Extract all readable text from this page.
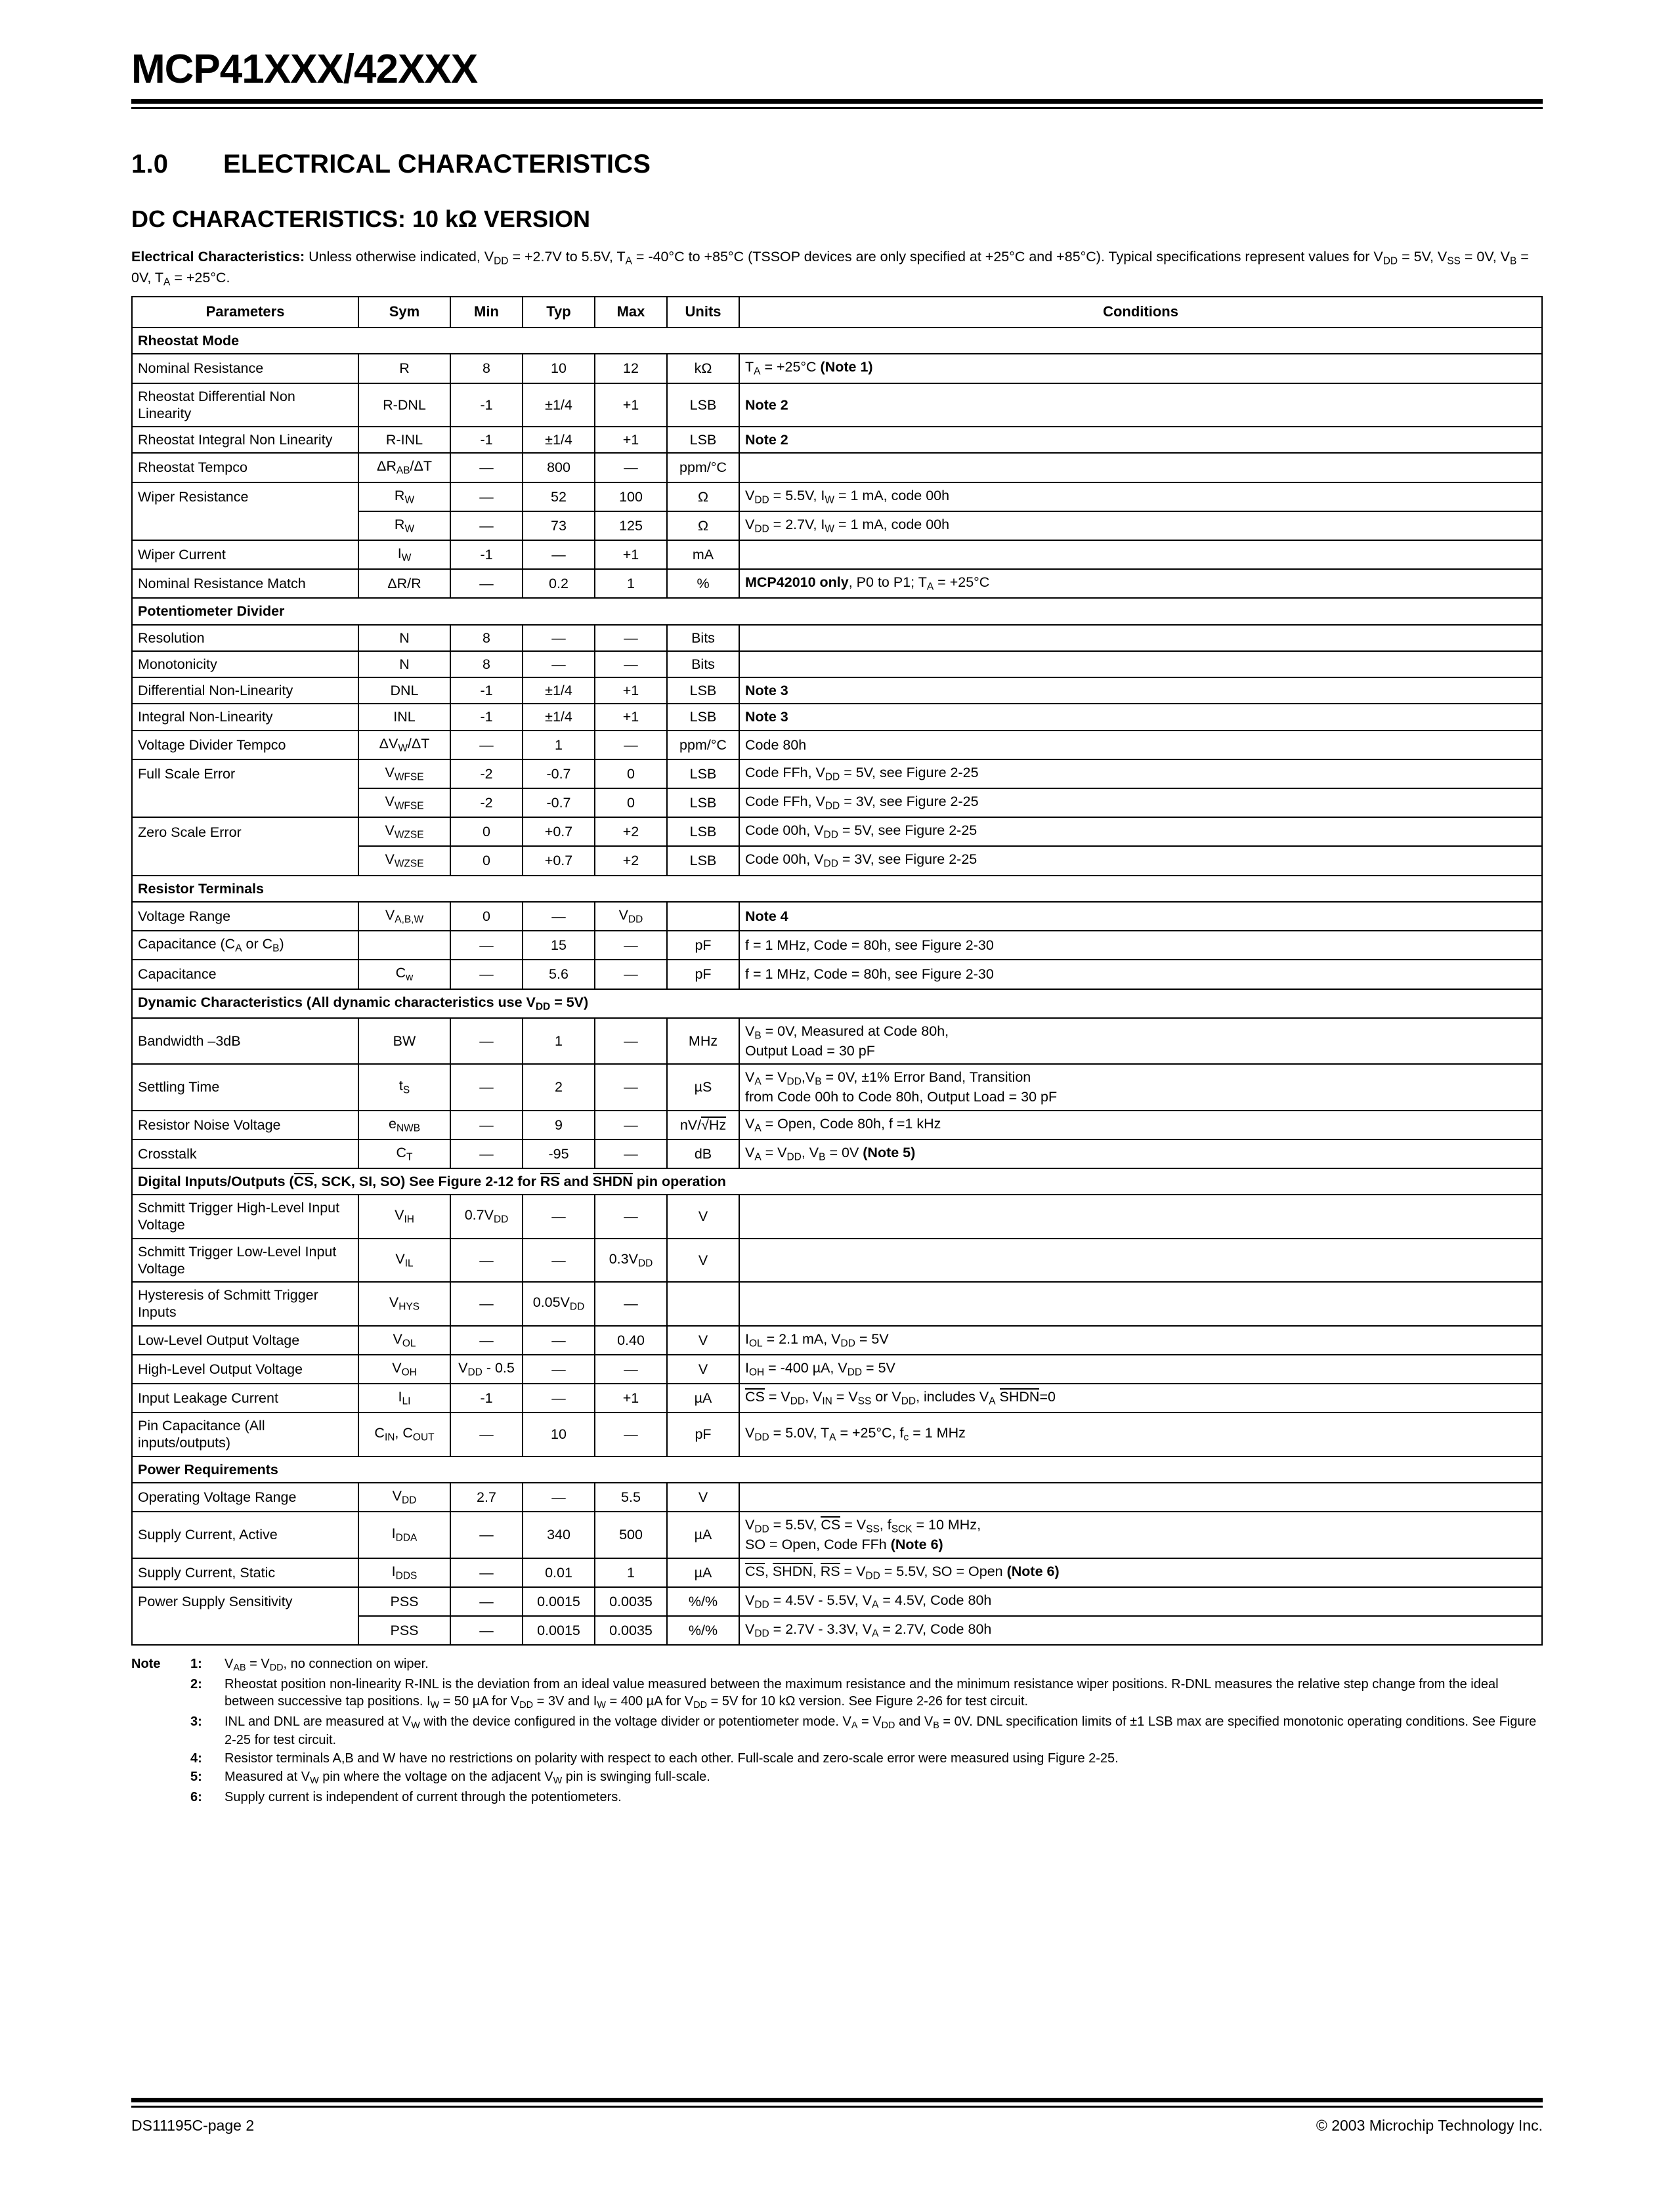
MCP41XXX/42XXX
1.0 ELECTRICAL CHARACTERISTICS
DC CHARACTERISTICS: 10 kΩ VERSION
Electrical Characteristics: Unless otherwise indicated, $V_{DD} = +2.7V$ to 5.5V, $T_A = -40^\circ C$ to +85°C (TSSOP devices are only specified at +25°C and +85°C). Typical specifications represent values for $V_{DD} = 5V$, $V_{SS} = 0V$, $V_B = 0V$, $T_A = +25^\circ C$.
Parameters	Sym	Min	Typ	Max	Units	Conditions
Rheostat Mode						
Nominal Resistance	R	8	10	12	kΩ	$T_A = +25^\circ C$ (Note 1)
Rheostat Differential Non Linearity	R-DNL	-1	±1/4	+1	LSB	Note 2
Rheostat Integral Non Linearity	R-INL	-1	±1/4	+1	LSB	Note 2
Rheostat Tempco	$\Delta R_{AB}/\Delta T$	—	800	—	ppm/°C	
Wiper Resistance	$R_W$	—	52	100	Ω	$V_{DD} = 5.5V$, $I_W = 1$ mA, code 00h
	$R_W$	—	73	125	Ω	$V_{DD} = 2.7V$, $I_W = 1$ mA, code 00h
Wiper Current	$I_W$	-1	—	+1	mA	
Nominal Resistance Match	ΔR/R	—	0.2	1	%	MCP42010 only, P0 to P1; $T_A = +25^\circ C$
Potentiometer Divider						
Resolution	N	8	—	—	Bits	
Monotonicity	N	8	—	—	Bits	
Differential Non-Linearity	DNL	-1	±1/4	+1	LSB	Note 3
Integral Non-Linearity	INL	-1	±1/4	+1	LSB	Note 3
Voltage Divider Tempco	$\Delta V_W/\Delta T$	—	1	—	ppm/°C	Code 80h
Full Scale Error	$V_{WFSE}$	-2	-0.7	0	LSB	Code FFh, $V_{DD} = 5V$, see Figure 2-25
	$V_{WFSE}$	-2	-0.7	0	LSB	Code FFh, $V_{DD} = 3V$, see Figure 2-25
Zero Scale Error	$V_{WZSE}$	0	+0.7	+2	LSB	Code 00h, $V_{DD} = 5V$, see Figure 2-25
	$V_{WZSE}$	0	+0.7	+2	LSB	Code 00h, $V_{DD} = 3V$, see Figure 2-25
Resistor Terminals						
Voltage Range	$V_{A,B,W}$	0	—	$V_{DD}$		Note 4
Capacitance ($C_A$ or $C_B$)		—	15	—	pF	f = 1 MHz, Code = 80h, see Figure 2-30
Capacitance	$C_w$	—	5.6	—	pF	f = 1 MHz, Code = 80h, see Figure 2-30
Dynamic Characteristics (All dynamic characteristics use $V_{DD} = 5V$)						
Bandwidth –3dB	BW	—	1	—	MHz	$V_B = 0V$, Measured at Code 80h,
Output Load = 30 pF
Settling Time	$t_S$	—	2	—	µS	$V_A = V_{DD},V_B = 0V$, ±1% Error Band, Transition
from Code 00h to Code 80h, Output Load = 30 pF
Resistor Noise Voltage	$e_{NWB}$	—	9	—	nV/√Hz	$V_A$ = Open, Code 80h, f =1 kHz
Crosstalk	$C_T$	—	-95	—	dB	$V_A = V_{DD}$, $V_B = 0V$ (Note 5)
Digital Inputs/Outputs (CS, SCK, SI, SO) See Figure 2-12 for RS and SHDN pin operation						
Schmitt Trigger High-Level Input Voltage	$V_{IH}$	$0.7V_{DD}$	—	—	V	
Schmitt Trigger Low-Level Input Voltage	$V_{IL}$	—	—	$0.3V_{DD}$	V	
Hysteresis of Schmitt Trigger Inputs	$V_{HYS}$	—	$0.05V_{DD}$	—		
Low-Level Output Voltage	$V_{OL}$	—	—	0.40	V	$I_{OL} = 2.1$ mA, $V_{DD} = 5V$
High-Level Output Voltage	$V_{OH}$	$V_{DD} - 0.5$	—	—	V	$I_{OH} = -400$ µA, $V_{DD} = 5V$
Input Leakage Current	$I_{LI}$	-1	—	+1	µA	CS = $V_{DD}$, $V_{IN} = V_{SS}$ or $V_{DD}$, includes $V_A$ SHDN=0
Pin Capacitance (All inputs/outputs)	$C_{IN}$, $C_{OUT}$	—	10	—	pF	$V_{DD} = 5.0V$, $T_A = +25^\circ C$, $f_c = 1$ MHz
Power Requirements						
Operating Voltage Range	$V_{DD}$	2.7	—	5.5	V	
Supply Current, Active	$I_{DDA}$	—	340	500	µA	$V_{DD} = 5.5V$, CS = $V_{SS}$, $f_{SCK} = 10$ MHz,
SO = Open, Code FFh (Note 6)
Supply Current, Static	$I_{DDS}$	—	0.01	1	µA	CS, SHDN, RS = $V_{DD} = 5.5V$, SO = Open (Note 6)
Power Supply Sensitivity	PSS	—	0.0015	0.0035	%/%	$V_{DD} = 4.5V - 5.5V$, $V_A = 4.5V$, Code 80h
	PSS	—	0.0015	0.0035	%/%	$V_{DD} = 2.7V - 3.3V$, $V_A = 2.7V$, Code 80h
Note	1:	$V_{AB} = V_{DD}$, no connection on wiper.
	2:	Rheostat position non-linearity R-INL is the deviation from an ideal value measured between the maximum resistance and the minimum resistance wiper positions. R-DNL measures the relative step change from the ideal between successive tap positions. $I_W = 50$ µA for $V_{DD} = 3V$ and $I_W = 400$ µA for $V_{DD} = 5V$ for 10 kΩ version. See Figure 2-26 for test circuit.
	3:	INL and DNL are measured at $V_W$ with the device configured in the voltage divider or potentiometer mode. $V_A = V_{DD}$ and $V_B = 0V$. DNL specification limits of ±1 LSB max are specified monotonic operating conditions. See Figure 2-25 for test circuit.
	4:	Resistor terminals A,B and W have no restrictions on polarity with respect to each other. Full-scale and zero-scale error were measured using Figure 2-25.
	5:	Measured at $V_W$ pin where the voltage on the adjacent $V_W$ pin is swinging full-scale.
	6:	Supply current is independent of current through the potentiometers.
DS11195C-page 2	© 2003 Microchip Technology Inc.
